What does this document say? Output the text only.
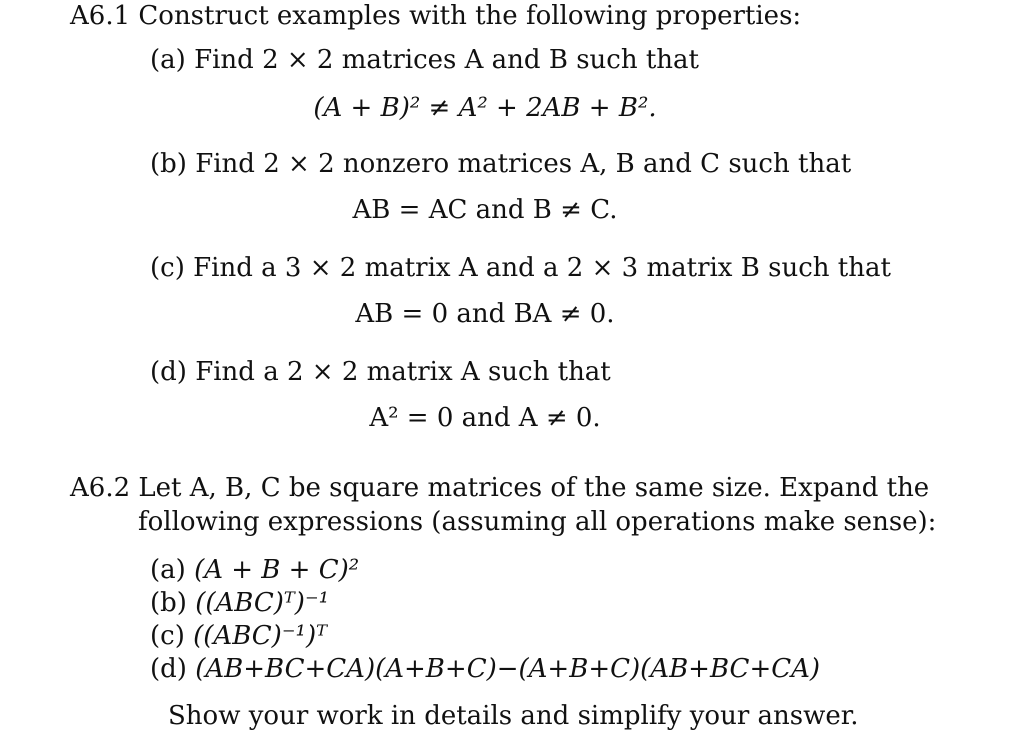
A6.1 Construct examples with the following properties:
(a) Find 2 × 2 matrices A and B such that
(A + B)² ≠ A² + 2AB + B².
(b) Find 2 × 2 nonzero matrices A, B and C such that
AB = AC and B ≠ C.
(c) Find a 3 × 2 matrix A and a 2 × 3 matrix B such that
AB = 0 and BA ≠ 0.
(d) Find a 2 × 2 matrix A such that
A² = 0 and A ≠ 0.
A6.2 Let A, B, C be square matrices of the same size. Expand the
following expressions (assuming all operations make sense):
(a) (A + B + C)²
(b) ((ABC)ᵀ)⁻¹
(c) ((ABC)⁻¹)ᵀ
(d) (AB+BC+CA)(A+B+C)−(A+B+C)(AB+BC+CA)
Show your work in details and simplify your answer.
